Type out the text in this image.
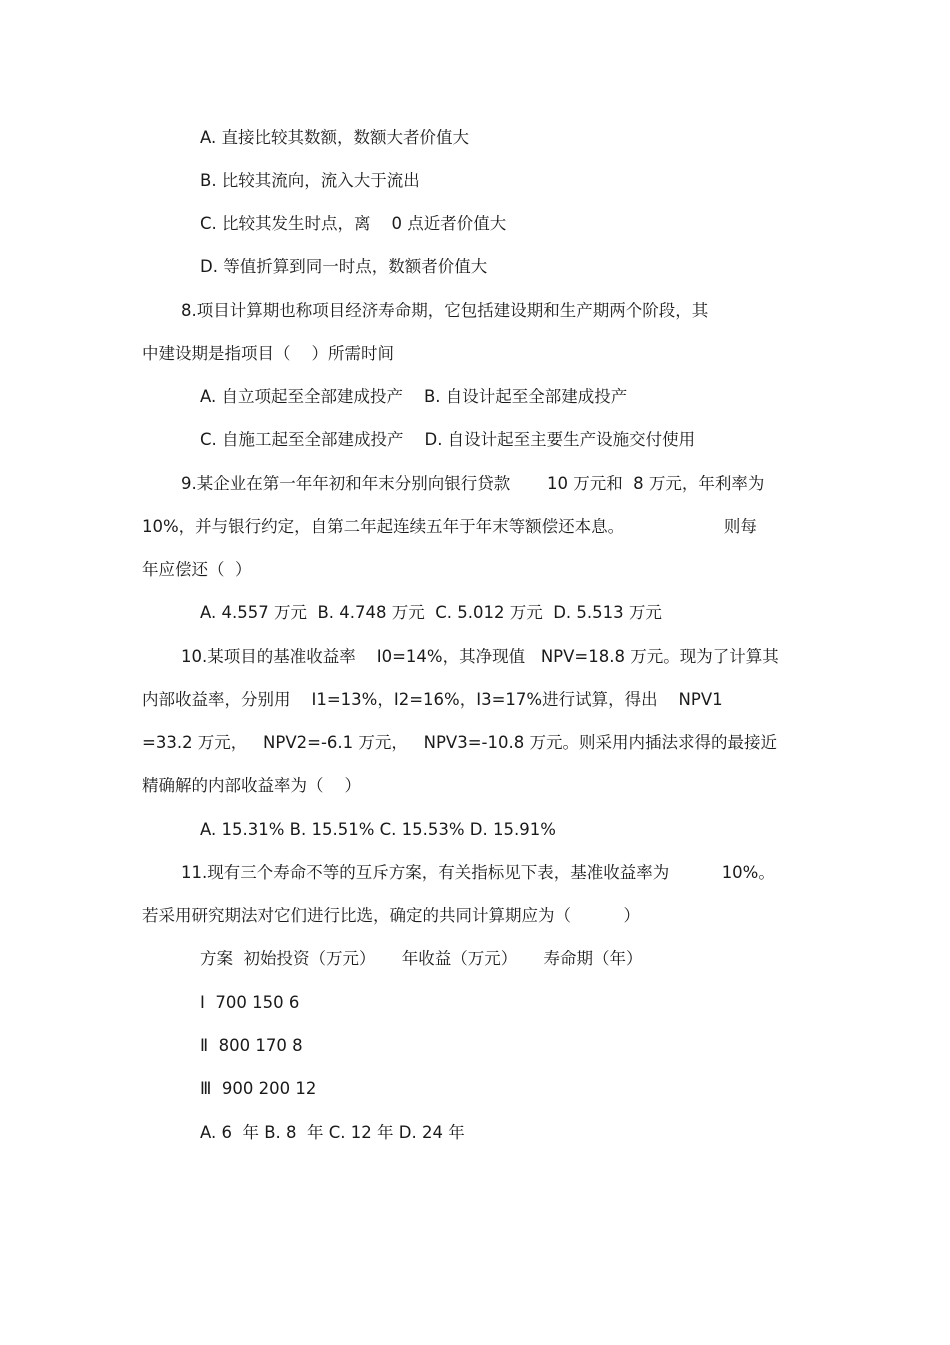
A. 直接比较其数额，数额大者价值大

B. 比较其流向，流入大于流出

C. 比较其发生时点，离    0 点近者价值大

D. 等值折算到同一时点，数额者价值大

8.项目计算期也称项目经济寿命期，它包括建设期和生产期两个阶段，其

中建设期是指项目（    ）所需时间

A. 自立项起至全部建成投产    B. 自设计起至全部建成投产

C. 自施工起至全部建成投产    D. 自设计起至主要生产设施交付使用

9.某企业在第一年年初和年末分别向银行贷款       10 万元和  8 万元，年利率为

10%，并与银行约定，自第二年起连续五年于年末等额偿还本息。                   则每

年应偿还（  ）

A. 4.557 万元  B. 4.748 万元  C. 5.012 万元  D. 5.513 万元

10.某项目的基准收益率    I0=14%，其净现值   NPV=18.8 万元。现为了计算其

内部收益率，分别用    I1=13%，I2=16%，I3=17%进行试算，得出    NPV1

=33.2 万元，   NPV2=-6.1 万元，   NPV3=-10.8 万元。则采用内插法求得的最接近

精确解的内部收益率为（    ）

A. 15.31% B. 15.51% C. 15.53% D. 15.91%

11.现有三个寿命不等的互斥方案，有关指标见下表，基准收益率为          10%。

若采用研究期法对它们进行比选，确定的共同计算期应为（          ）

方案  初始投资（万元）     年收益（万元）     寿命期（年）

Ⅰ  700 150 6

Ⅱ  800 170 8

Ⅲ  900 200 12

A. 6  年 B. 8  年 C. 12 年 D. 24 年
